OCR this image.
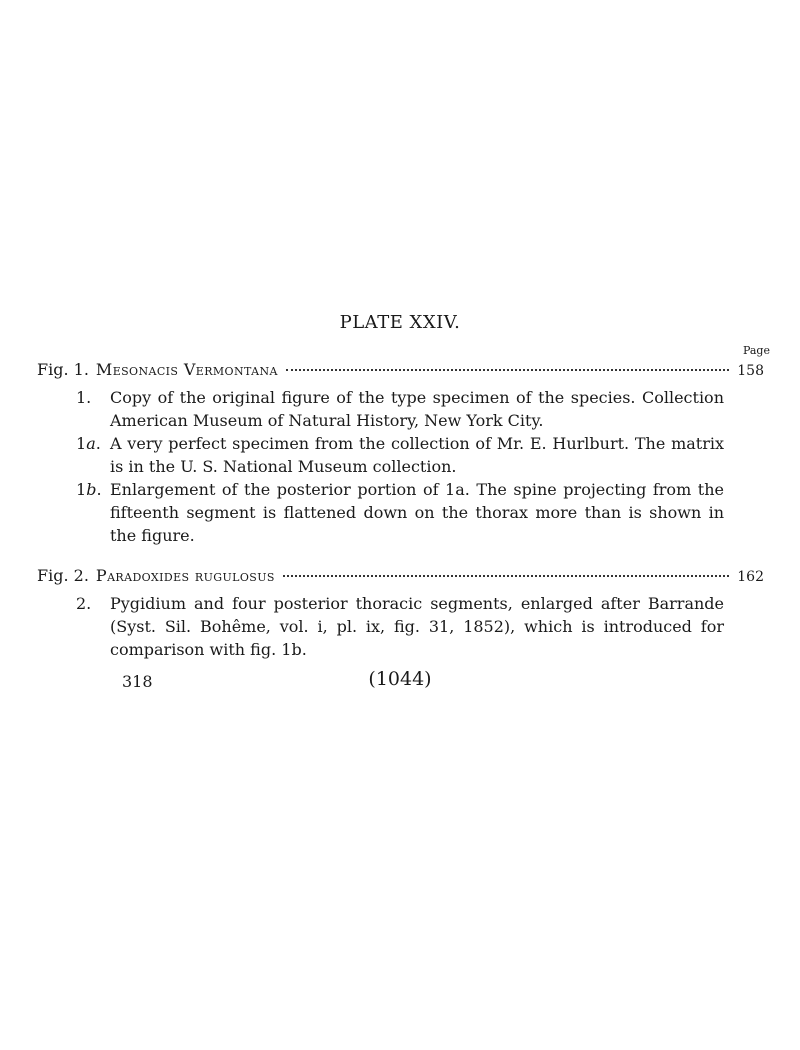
PLATE XXIV.
Page
Fig. 1. Mesonacis Vermontana	158
1.	Copy of the original figure of the type specimen of the species. Collection American Museum of Natural History, New York City.
1a. A very perfect specimen from the collection of Mr. E. Hurlburt. The matrix is in the U. S. National Museum collection.
1b. Enlargement of the posterior portion of 1a. The spine projecting from the fifteenth segment is flattened down on the thorax more than is shown in the figure.
Fig. 2. Paradoxides rugulosus	162
2.	Pygidium and four posterior thoracic segments, enlarged after Barrande (Syst. Sil. Bohême, vol. i, pl. ix, fig. 31, 1852), which is introduced for comparison with fig. 1b.
318	(1044)
